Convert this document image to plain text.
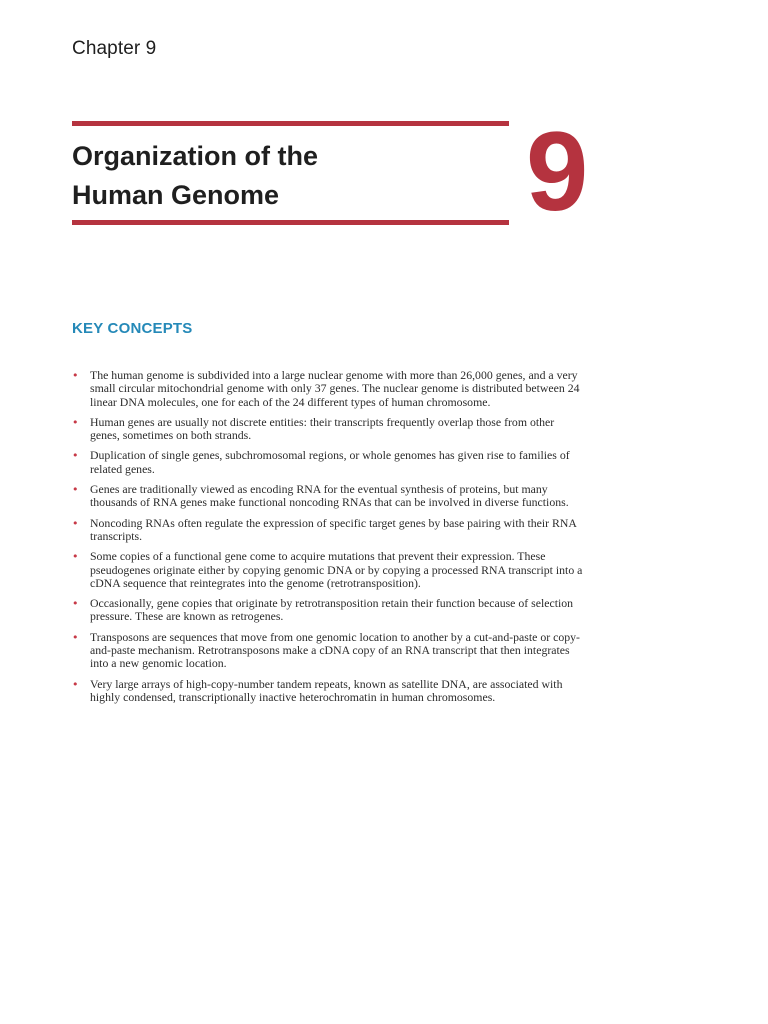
Chapter 9
Organization of the
Human Genome	9
KEY CONCEPTS
• The human genome is subdivided into a large nuclear genome with more than 26,000 genes, and a very small circular mitochondrial genome with only 37 genes. The nuclear genome is distributed between 24 linear DNA molecules, one for each of the 24 different types of human chromosome.
• Human genes are usually not discrete entities: their transcripts frequently overlap those from other genes, sometimes on both strands.
• Duplication of single genes, subchromosomal regions, or whole genomes has given rise to families of related genes.
• Genes are traditionally viewed as encoding RNA for the eventual synthesis of proteins, but many thousands of RNA genes make functional noncoding RNAs that can be involved in diverse functions.
• Noncoding RNAs often regulate the expression of specific target genes by base pairing with their RNA transcripts.
• Some copies of a functional gene come to acquire mutations that prevent their expression. These pseudogenes originate either by copying genomic DNA or by copying a processed RNA transcript into a cDNA sequence that reintegrates into the genome (retrotransposition).
• Occasionally, gene copies that originate by retrotransposition retain their function because of selection pressure. These are known as retrogenes.
• Transposons are sequences that move from one genomic location to another by a cut-and-paste or copy-and-paste mechanism. Retrotransposons make a cDNA copy of an RNA transcript that then integrates into a new genomic location.
• Very large arrays of high-copy-number tandem repeats, known as satellite DNA, are associated with highly condensed, transcriptionally inactive heterochromatin in human chromosomes.
